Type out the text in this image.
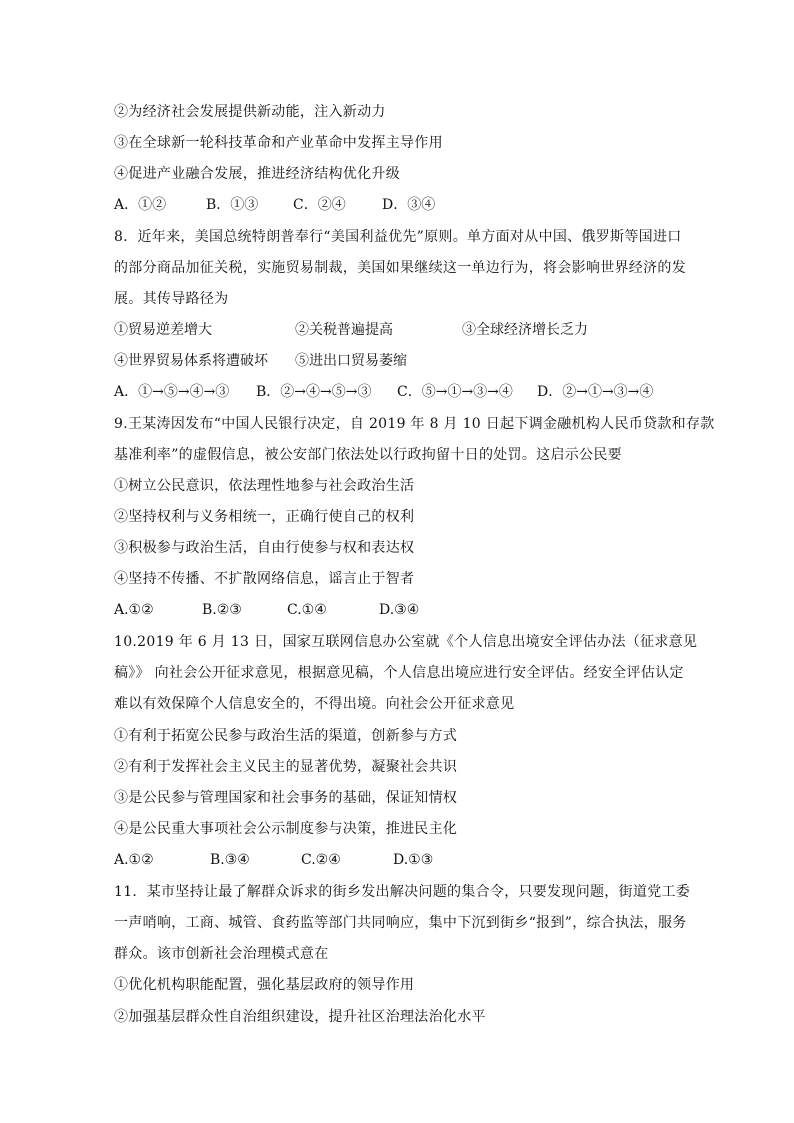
②为经济社会发展提供新动能，注入新动力
③在全球新一轮科技革命和产业革命中发挥主导作用
④促进产业融合发展，推进经济结构优化升级
A．①②	B．①③ C．②④	D．③④
8．近年来，美国总统特朗普奉行“美国利益优先”原则。单方面对从中国、俄罗斯等国进口
的部分商品加征关税，实施贸易制裁，美国如果继续这一单边行为，将会影响世界经济的发
展。其传导路径为
①贸易逆差增大	②关税普遍提高	③全球经济增长乏力
④世界贸易体系将遭破坏 ⑤进出口贸易萎缩
A．①→⑤→④→③ B．②→④→⑤→③ C．⑤→①→③→④ D．②→①→③→④
9.王某涛因发布“中国人民银行决定，自 2019 年 8 月 10 日起下调金融机构人民币贷款和存款
基准利率”的虚假信息，被公安部门依法处以行政拘留十日的处罚。这启示公民要
①树立公民意识，依法理性地参与社会政治生活
②坚持权利与义务相统一，正确行使自己的权利
③积极参与政治生活，自由行使参与权和表达权
④坚持不传播、不扩散网络信息，谣言止于智者
A.①②	B.②③	C.①④	D.③④
10.2019 年 6 月 13 日，国家互联网信息办公室就《个人信息出境安全评估办法（征求意见
稿》》 向社会公开征求意见，根据意见稿，个人信息出境应进行安全评估。经安全评估认定
难以有效保障个人信息安全的，不得出境。向社会公开征求意见
①有利于拓宽公民参与政治生活的渠道，创新参与方式
②有利于发挥社会主义民主的显著优势，凝聚社会共识
③是公民参与管理国家和社会事务的基础，保证知情权
④是公民重大事项社会公示制度参与决策，推进民主化
A.①②	B.③④	C.②④	D.①③
11．某市坚持让最了解群众诉求的街乡发出解决问题的集合令，只要发现问题，街道党工委
一声哨响，工商、城管、食药监等部门共同响应，集中下沉到街乡“报到”，综合执法，服务
群众。该市创新社会治理模式意在
①优化机构职能配置，强化基层政府的领导作用
②加强基层群众性自治组织建设，提升社区治理法治化水平
